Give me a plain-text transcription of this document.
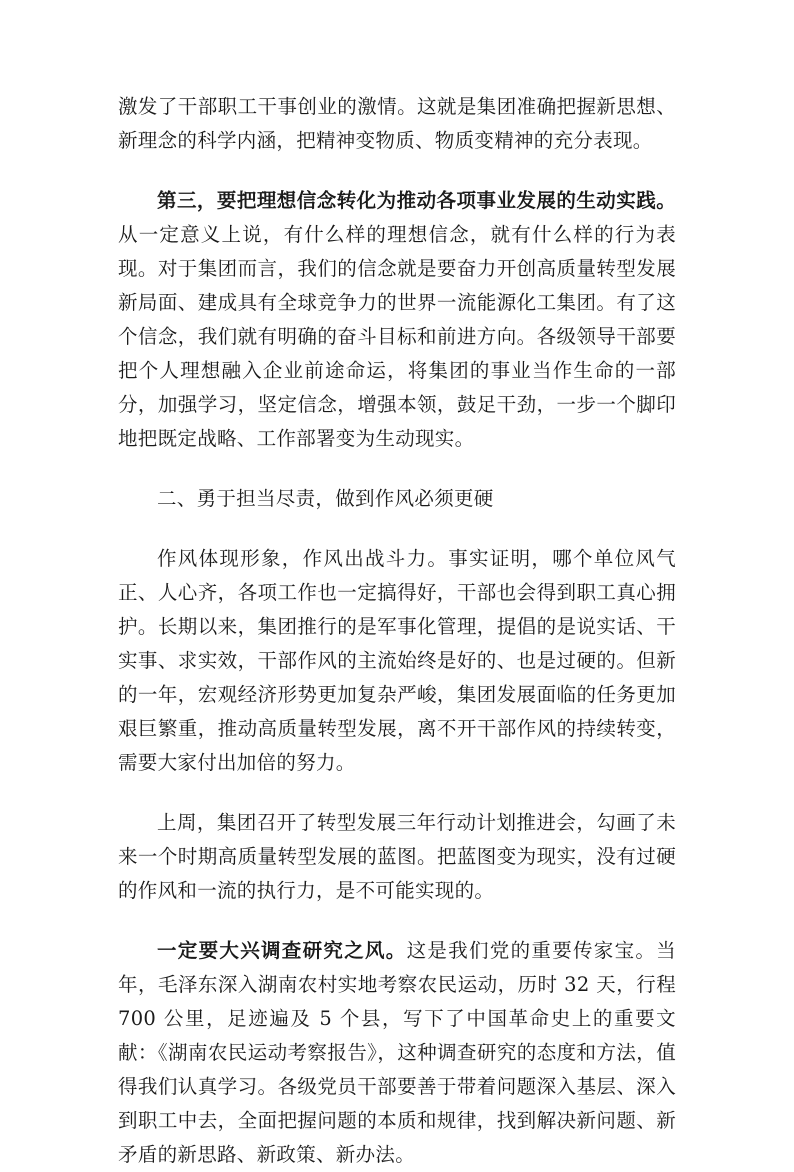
激发了干部职工干事创业的激情。这就是集团准确把握新思想、新理念的科学内涵，把精神变物质、物质变精神的充分表现。

第三，要把理想信念转化为推动各项事业发展的生动实践。从一定意义上说，有什么样的理想信念，就有什么样的行为表现。对于集团而言，我们的信念就是要奋力开创高质量转型发展新局面、建成具有全球竞争力的世界一流能源化工集团。有了这个信念，我们就有明确的奋斗目标和前进方向。各级领导干部要把个人理想融入企业前途命运，将集团的事业当作生命的一部分，加强学习，坚定信念，增强本领，鼓足干劲，一步一个脚印地把既定战略、工作部署变为生动现实。

二、勇于担当尽责，做到作风必须更硬

作风体现形象，作风出战斗力。事实证明，哪个单位风气正、人心齐，各项工作也一定搞得好，干部也会得到职工真心拥护。长期以来，集团推行的是军事化管理，提倡的是说实话、干实事、求实效，干部作风的主流始终是好的、也是过硬的。但新的一年，宏观经济形势更加复杂严峻，集团发展面临的任务更加艰巨繁重，推动高质量转型发展，离不开干部作风的持续转变，需要大家付出加倍的努力。

上周，集团召开了转型发展三年行动计划推进会，勾画了未来一个时期高质量转型发展的蓝图。把蓝图变为现实，没有过硬的作风和一流的执行力，是不可能实现的。

一定要大兴调查研究之风。这是我们党的重要传家宝。当年，毛泽东深入湖南农村实地考察农民运动，历时 32 天，行程 700 公里，足迹遍及 5 个县，写下了中国革命史上的重要文献：《湖南农民运动考察报告》，这种调查研究的态度和方法，值得我们认真学习。各级党员干部要善于带着问题深入基层、深入到职工中去，全面把握问题的本质和规律，找到解决新问题、新矛盾的新思路、新政策、新办法。
